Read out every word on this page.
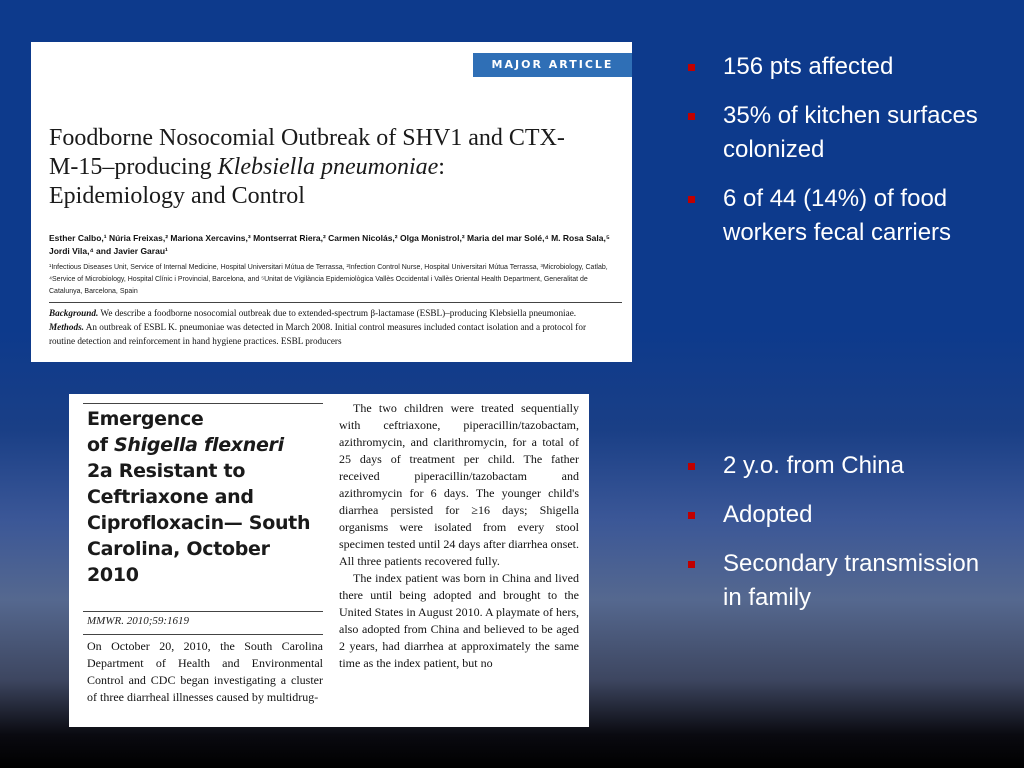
MAJOR ARTICLE
Foodborne Nosocomial Outbreak of SHV1 and CTX-M-15–producing Klebsiella pneumoniae: Epidemiology and Control
Esther Calbo,¹ Núria Freixas,² Mariona Xercavins,³ Montserrat Riera,² Carmen Nicolás,² Olga Monistrol,² Maria del mar Solé,⁴ M. Rosa Sala,⁵ Jordi Vila,⁴ and Javier Garau¹
¹Infectious Diseases Unit, Service of Internal Medicine, Hospital Universitari Mútua de Terrassa, ²Infection Control Nurse, Hospital Universitari Mútua Terrassa, ³Microbiology, Catlab, ⁴Service of Microbiology, Hospital Clínic i Provincial, Barcelona, and ⁵Unitat de Vigilància Epidemiològica Vallès Occidental i Vallès Oriental Health Department, Generalitat de Catalunya, Barcelona, Spain

Background. We describe a foodborne nosocomial outbreak due to extended-spectrum β-lactamase (ESBL)–producing Klebsiella pneumoniae.

Methods. An outbreak of ESBL K. pneumoniae was detected in March 2008. Initial control measures included contact isolation and a protocol for routine detection and reinforcement in hand hygiene practices. ESBL producers

Emergence
of Shigella flexneri
2a Resistant to Ceftriaxone and Ciprofloxacin— South Carolina, October 2010
MMWR. 2010;59:1619
On October 20, 2010, the South Carolina Department of Health and Environmental Control and CDC began investigating a cluster of three diarrheal illnesses caused by multidrug-

The two children were treated sequentially with ceftriaxone, piperacillin/tazobactam, azithromycin, and clarithromycin, for a total of 25 days of treatment per child. The father received piperacillin/tazobactam and azithromycin for 6 days. The younger child's diarrhea persisted for ≥16 days; Shigella organisms were isolated from every stool specimen tested until 24 days after diarrhea onset. All three patients recovered fully.

The index patient was born in China and lived there until being adopted and brought to the United States in August 2010. A playmate of hers, also adopted from China and believed to be aged 2 years, had diarrhea at approximately the same time as the index patient, but no

156 pts affected
35% of kitchen surfaces colonized
6 of 44 (14%) of food workers fecal carriers
2 y.o. from China
Adopted
Secondary transmission in family
